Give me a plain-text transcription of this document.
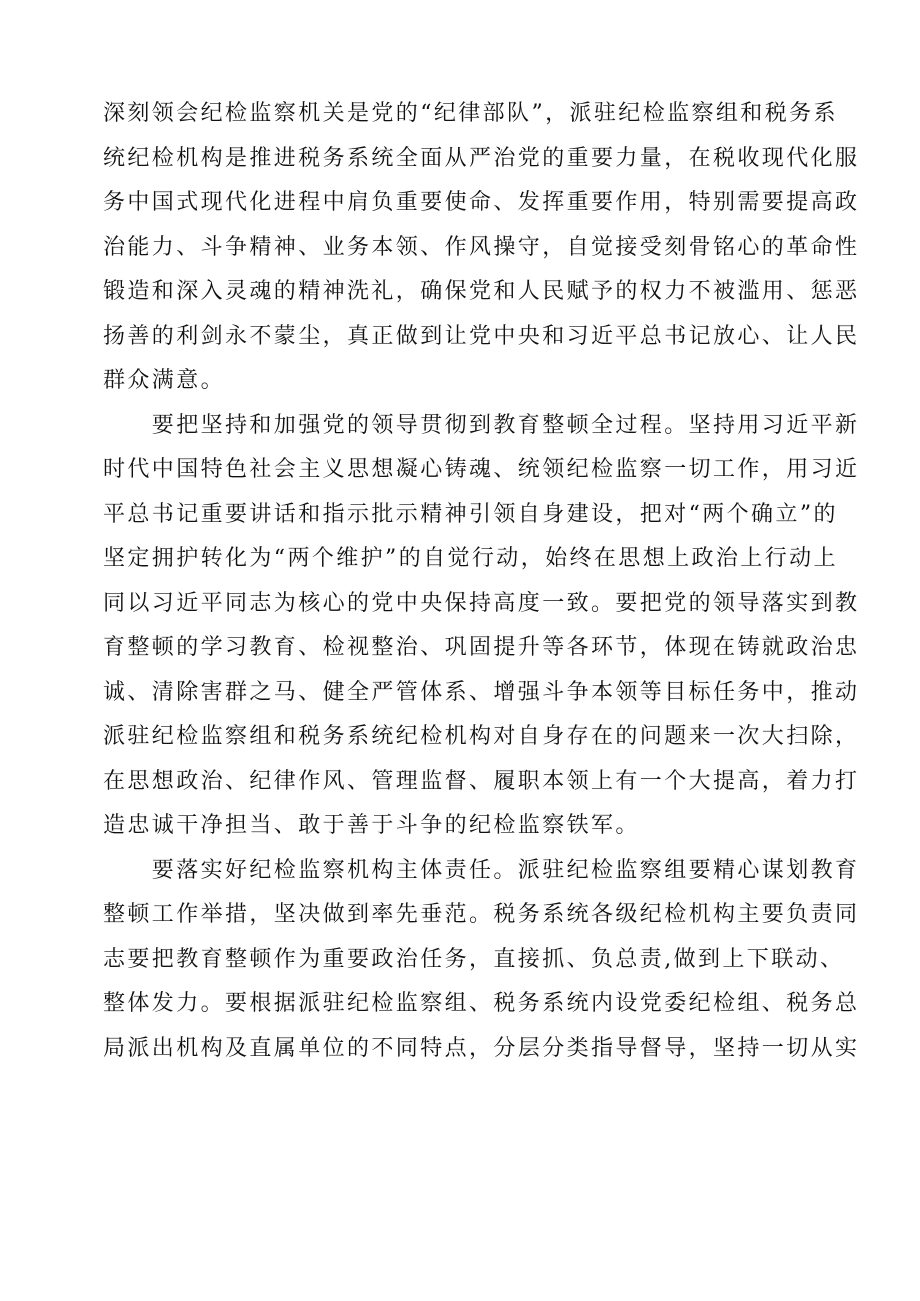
深刻领会纪检监察机关是党的“纪律部队”，派驻纪检监察组和税务系
统纪检机构是推进税务系统全面从严治党的重要力量，在税收现代化服
务中国式现代化进程中肩负重要使命、发挥重要作用，特别需要提高政
治能力、斗争精神、业务本领、作风操守，自觉接受刻骨铭心的革命性
锻造和深入灵魂的精神洗礼，确保党和人民赋予的权力不被滥用、惩恶
扬善的利剑永不蒙尘，真正做到让党中央和习近平总书记放心、让人民
群众满意。
　　要把坚持和加强党的领导贯彻到教育整顿全过程。坚持用习近平新
时代中国特色社会主义思想凝心铸魂、统领纪检监察一切工作，用习近
平总书记重要讲话和指示批示精神引领自身建设，把对“两个确立”的
坚定拥护转化为“两个维护”的自觉行动，始终在思想上政治上行动上
同以习近平同志为核心的党中央保持高度一致。要把党的领导落实到教
育整顿的学习教育、检视整治、巩固提升等各环节，体现在铸就政治忠
诚、清除害群之马、健全严管体系、增强斗争本领等目标任务中，推动
派驻纪检监察组和税务系统纪检机构对自身存在的问题来一次大扫除，
在思想政治、纪律作风、管理监督、履职本领上有一个大提高，着力打
造忠诚干净担当、敢于善于斗争的纪检监察铁军。
　　要落实好纪检监察机构主体责任。派驻纪检监察组要精心谋划教育
整顿工作举措，坚决做到率先垂范。税务系统各级纪检机构主要负责同
志要把教育整顿作为重要政治任务，直接抓、负总责,做到上下联动、
整体发力。要根据派驻纪检监察组、税务系统内设党委纪检组、税务总
局派出机构及直属单位的不同特点，分层分类指导督导，坚持一切从实
